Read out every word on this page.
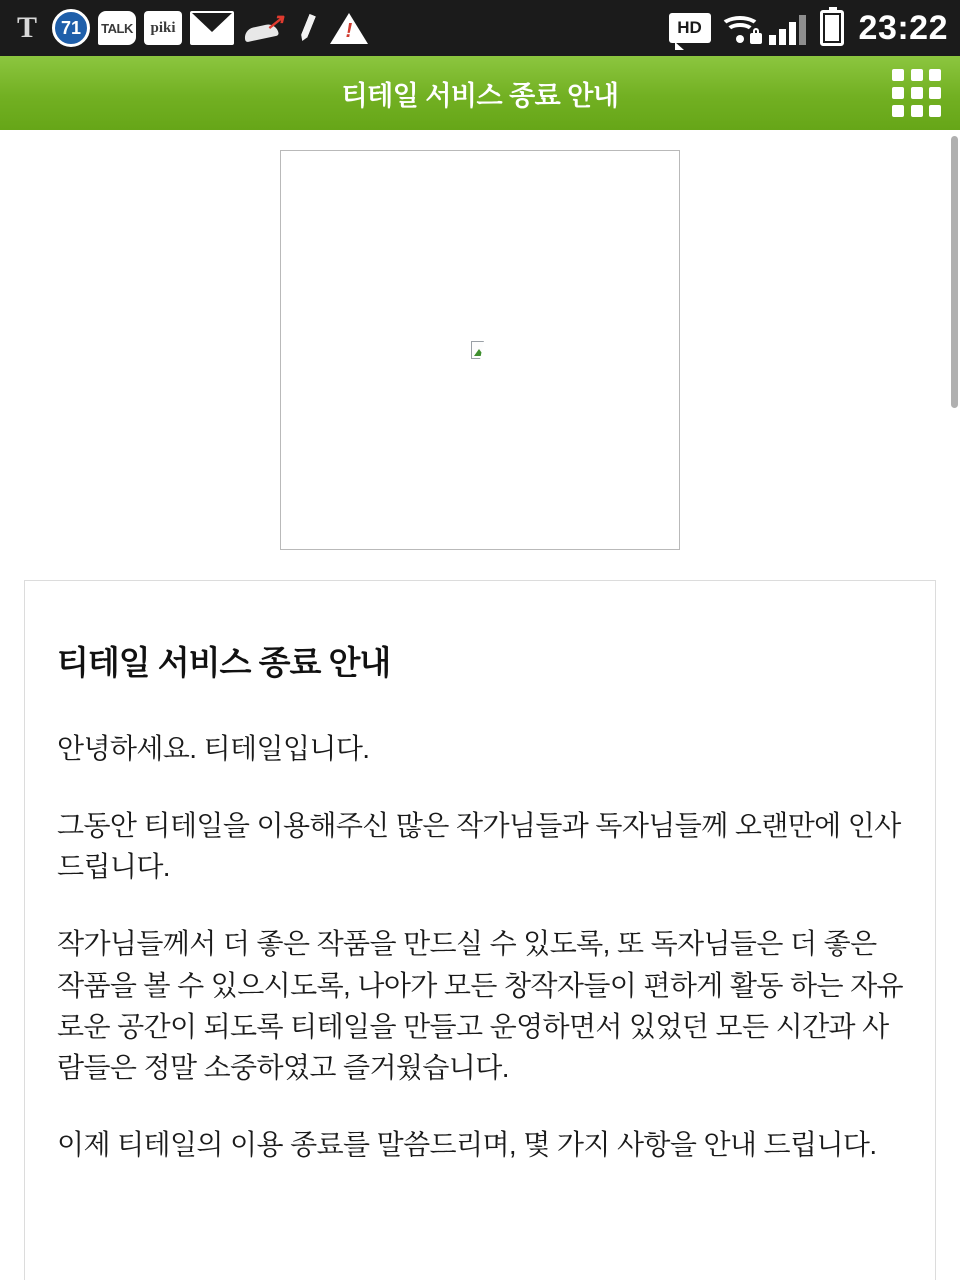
T	71	TALK	piki	↗	!	HD	23:22
티테일 서비스 종료 안내
티테일 서비스 종료 안내

안녕하세요. 티테일입니다.

그동안 티테일을 이용해주신 많은 작가님들과 독자님들께 오랜만에 인사 드립니다.

작가님들께서 더 좋은 작품을 만드실 수 있도록, 또 독자님들은 더 좋은 작품을 볼 수 있으시도록, 나아가 모든 창작자들이 편하게 활동 하는 자유로운 공간이 되도록 티테일을 만들고 운영하면서 있었던 모든 시간과 사람들은 정말 소중하였고 즐거웠습니다.

이제 티테일의 이용 종료를 말씀드리며, 몇 가지 사항을 안내 드립니다.
